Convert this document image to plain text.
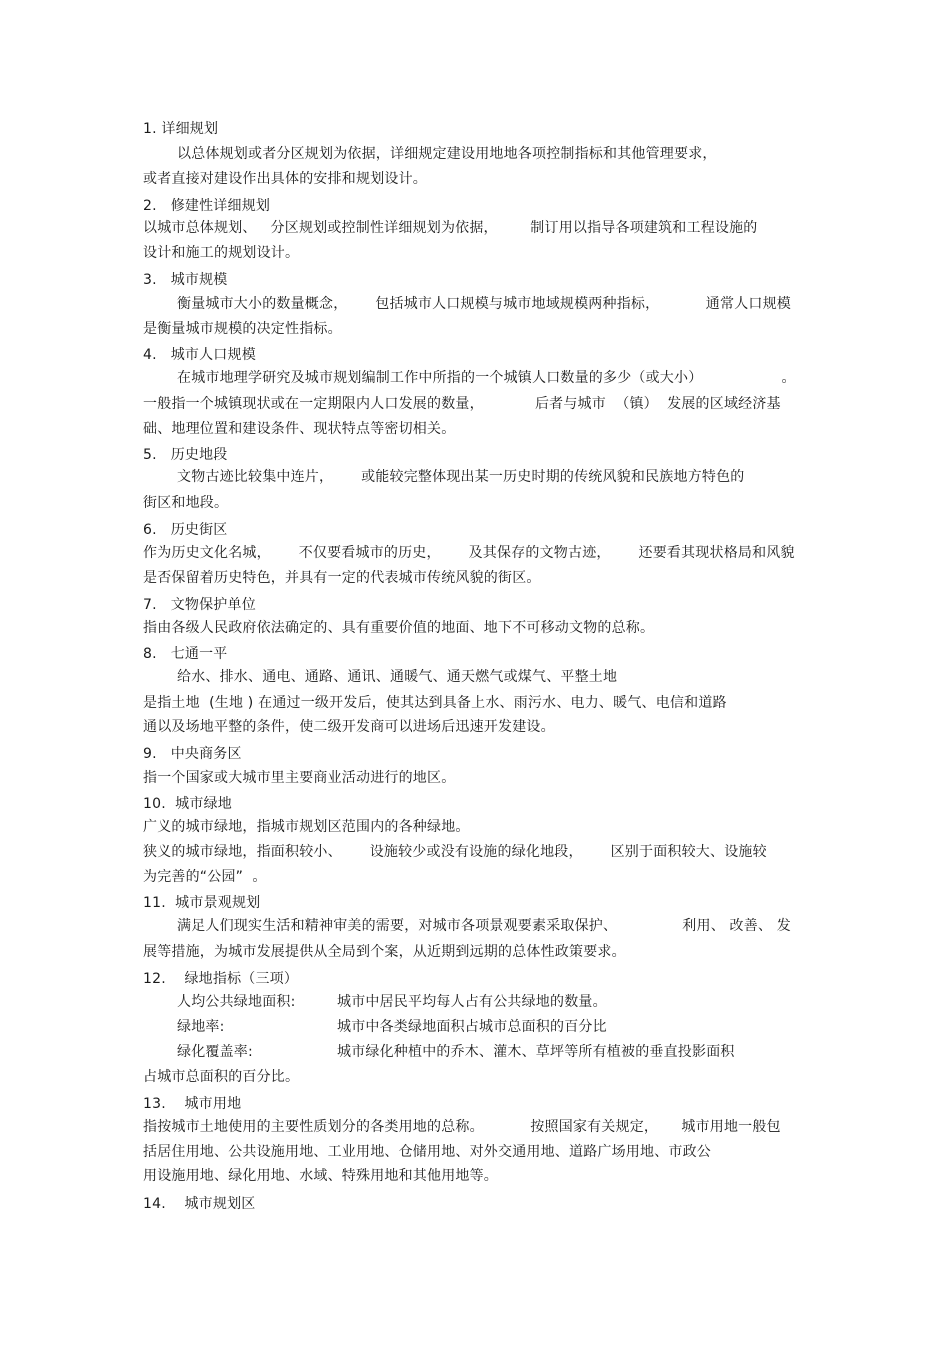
1. 详细规划
以总体规划或者分区规划为依据，详细规定建设用地地各项控制指标和其他管理要求，
或者直接对建设作出具体的安排和规划设计。
2.   修建性详细规划
以城市总体规划、   分区规划或控制性详细规划为依据，       制订用以指导各项建筑和工程设施的
设计和施工的规划设计。
3.   城市规模
衡量城市大小的数量概念，      包括城市人口规模与城市地域规模两种指标，          通常人口规模
是衡量城市规模的决定性指标。
4.   城市人口规模
在城市地理学研究及城市规划编制工作中所指的一个城镇人口数量的多少（或大小）                 。
一般指一个城镇现状或在一定期限内人口发展的数量，           后者与城市  （镇）  发展的区域经济基
础、地理位置和建设条件、现状特点等密切相关。
5.   历史地段
文物古迹比较集中连片，      或能较完整体现出某一历史时期的传统风貌和民族地方特色的
街区和地段。
6.   历史街区
作为历史文化名城，      不仅要看城市的历史，      及其保存的文物古迹，      还要看其现状格局和风貌
是否保留着历史特色，并具有一定的代表城市传统风貌的街区。
7.   文物保护单位
指由各级人民政府依法确定的、具有重要价值的地面、地下不可移动文物的总称。
8.   七通一平
给水、排水、通电、通路、通讯、通暖气、通天燃气或煤气、平整土地
是指土地  (生地 ) 在通过一级开发后，使其达到具备上水、雨污水、电力、暖气、电信和道路
通以及场地平整的条件，使二级开发商可以进场后迅速开发建设。
9.   中央商务区
指一个国家或大城市里主要商业活动进行的地区。
10.  城市绿地
广义的城市绿地，指城市规划区范围内的各种绿地。
狭义的城市绿地，指面积较小、      设施较少或没有设施的绿化地段，      区别于面积较大、设施较
为完善的“公园”  。
11.  城市景观规划
满足人们现实生活和精神审美的需要，对城市各项景观要素采取保护、              利用、 改善、 发
展等措施，为城市发展提供从全局到个案，从近期到远期的总体性政策要求。
12.    绿地指标（三项）
人均公共绿地面积:	城市中居民平均每人占有公共绿地的数量。
绿地率:	城市中各类绿地面积占城市总面积的百分比
绿化覆盖率:	城市绿化种植中的乔木、灌木、草坪等所有植被的垂直投影面积
占城市总面积的百分比。
13.    城市用地
指按城市土地使用的主要性质划分的各类用地的总称。          按照国家有关规定，     城市用地一般包
括居住用地、公共设施用地、工业用地、仓储用地、对外交通用地、道路广场用地、市政公
用设施用地、绿化用地、水域、特殊用地和其他用地等。
14.    城市规划区
